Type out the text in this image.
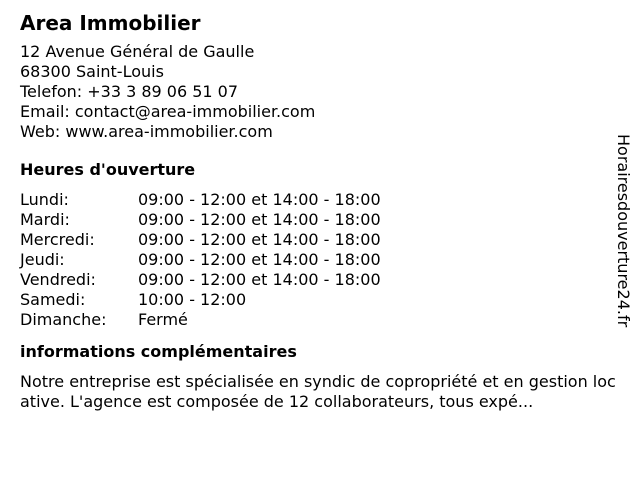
Area Immobilier
12 Avenue Général de Gaulle
68300 Saint-Louis
Telefon: +33 3 89 06 51 07
Email: contact@area-immobilier.com
Web: www.area-immobilier.com
Heures d'ouverture
Lundi:	09:00 - 12:00 et 14:00 - 18:00
Mardi:	09:00 - 12:00 et 14:00 - 18:00
Mercredi:	09:00 - 12:00 et 14:00 - 18:00
Jeudi:	09:00 - 12:00 et 14:00 - 18:00
Vendredi:	09:00 - 12:00 et 14:00 - 18:00
Samedi:	10:00 - 12:00
Dimanche:	Fermé
informations complémentaires
Notre entreprise est spécialisée en syndic de copropriété et en gestion locative. L'agence est composée de 12 collaborateurs, tous expé...
Horairesdouverture24.fr
